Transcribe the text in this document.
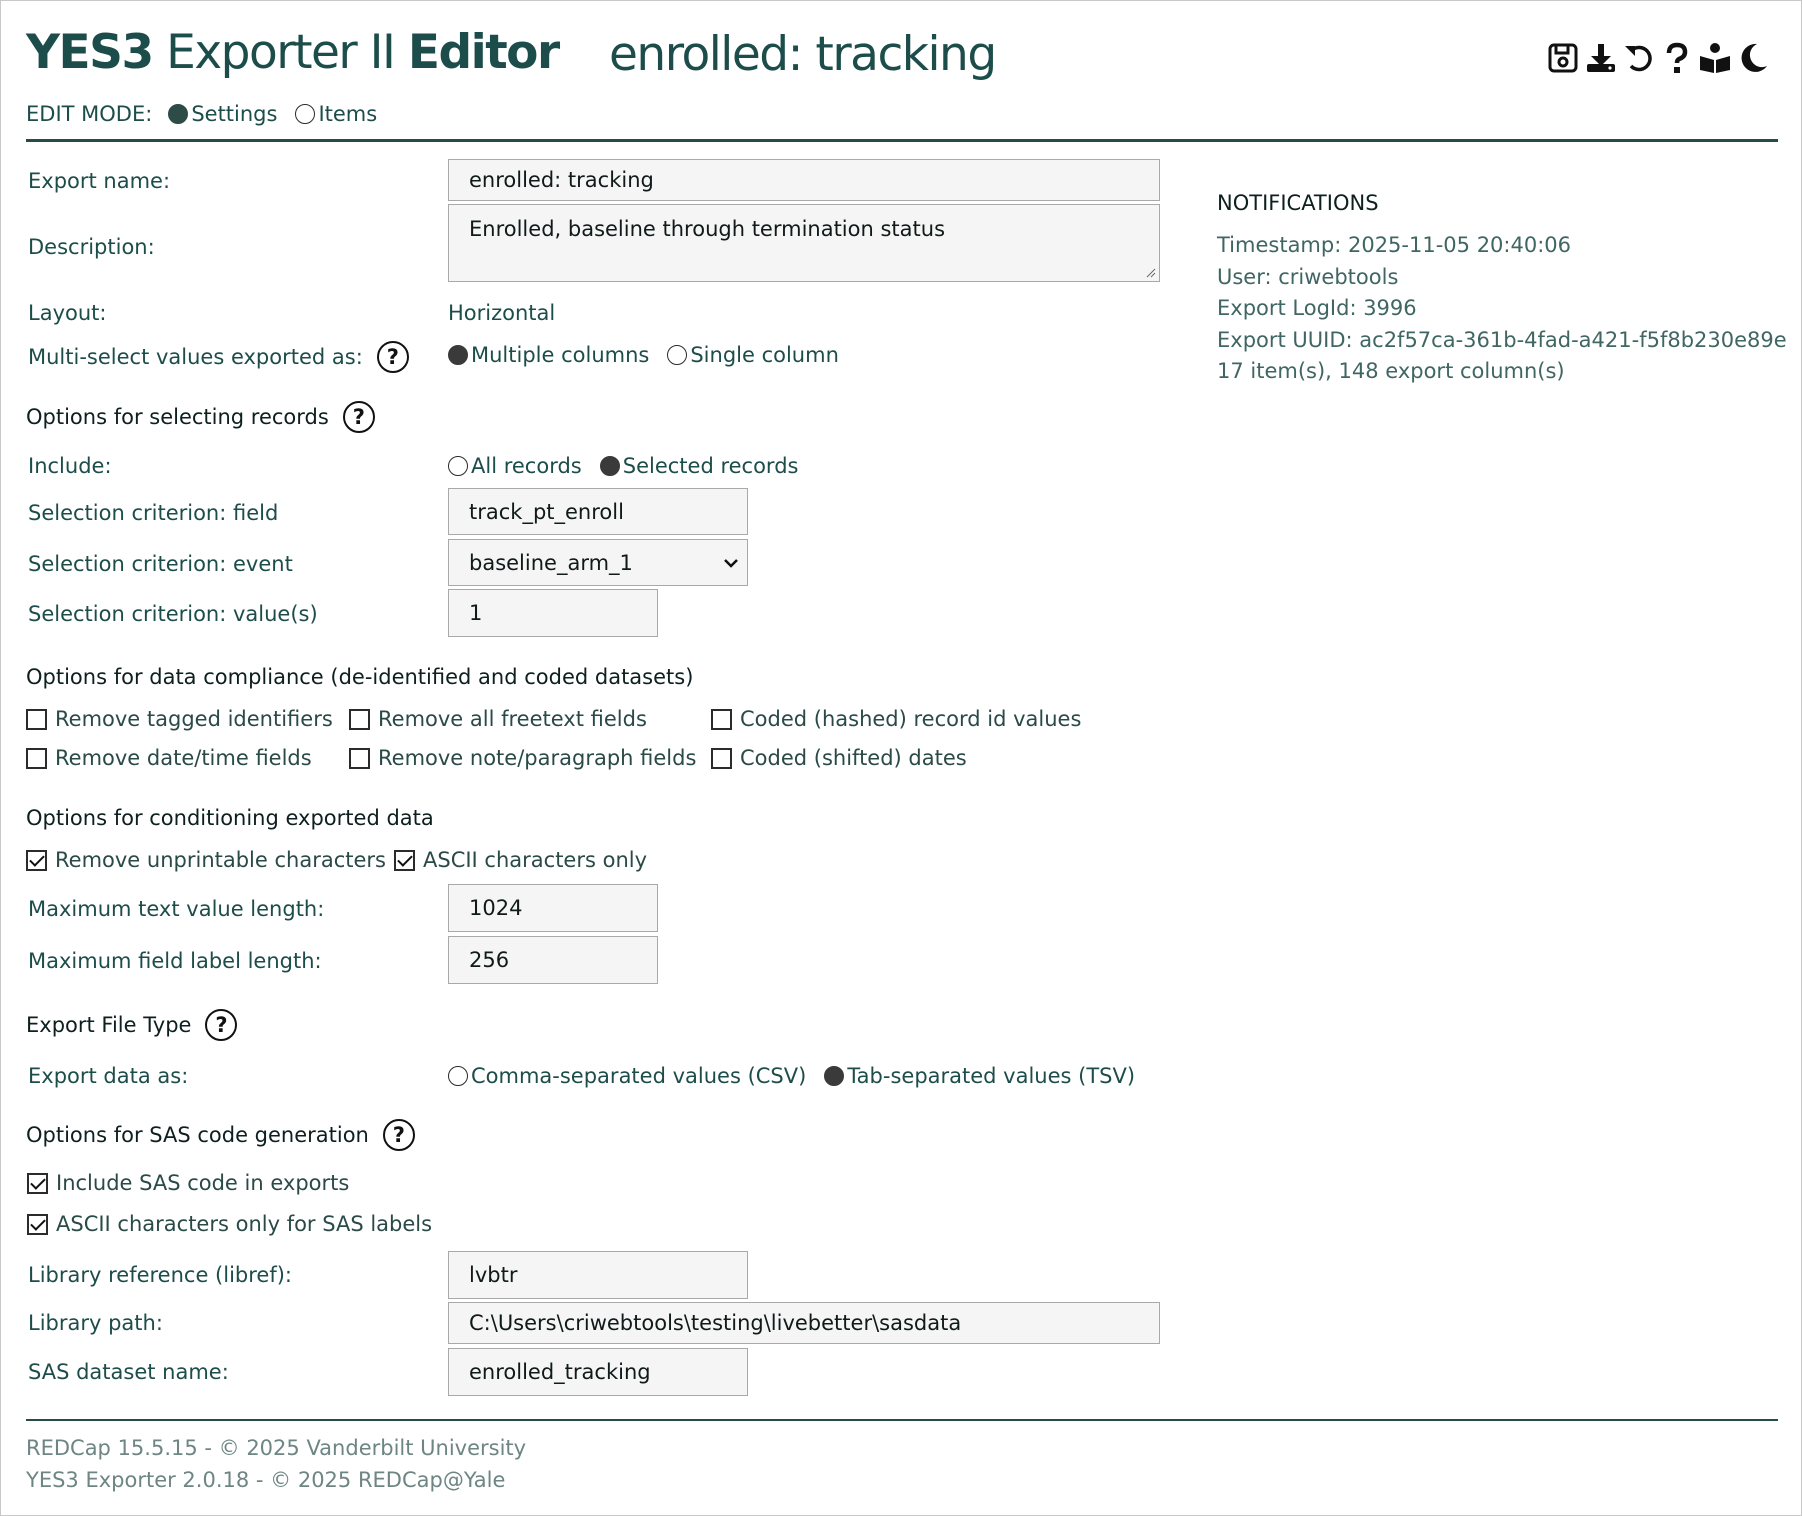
YES3 Exporter II Editor enrolled: tracking
EDIT MODE: Settings Items
Export name:	enrolled: tracking
Description:
Enrolled, baseline through termination status
Layout:	Horizontal
Multi-select values exported as:	?	Multiple columns Single column
Options for selecting records	?
Include:	All records Selected records
Selection criterion: field	track_pt_enroll
Selection criterion: event	baseline_arm_1
Selection criterion: value(s)	1
Options for data compliance (de-identified and coded datasets)
Remove tagged identifiers Remove all freetext fields	Coded (hashed) record id values
Remove date/time fields	Remove note/paragraph fields Coded (shifted) dates
Options for conditioning exported data
Remove unprintable characters ASCII characters only
Maximum text value length:	1024
Maximum field label length:	256
Export File Type	?
Export data as:	Comma-separated values (CSV) Tab-separated values (TSV)
Options for SAS code generation	?
Include SAS code in exports
ASCII characters only for SAS labels
Library reference (libref):	lvbtr
Library path:	C:\Users\criwebtools\testing\livebetter\sasdata
SAS dataset name:	enrolled_tracking
NOTIFICATIONS
Timestamp: 2025-11-05 20:40:06
User: criwebtools
Export LogId: 3996
Export UUID: ac2f57ca-361b-4fad-a421-f5f8b230e89e
17 item(s), 148 export column(s)
REDCap 15.5.15 - © 2025 Vanderbilt University
YES3 Exporter 2.0.18 - © 2025 REDCap@Yale
